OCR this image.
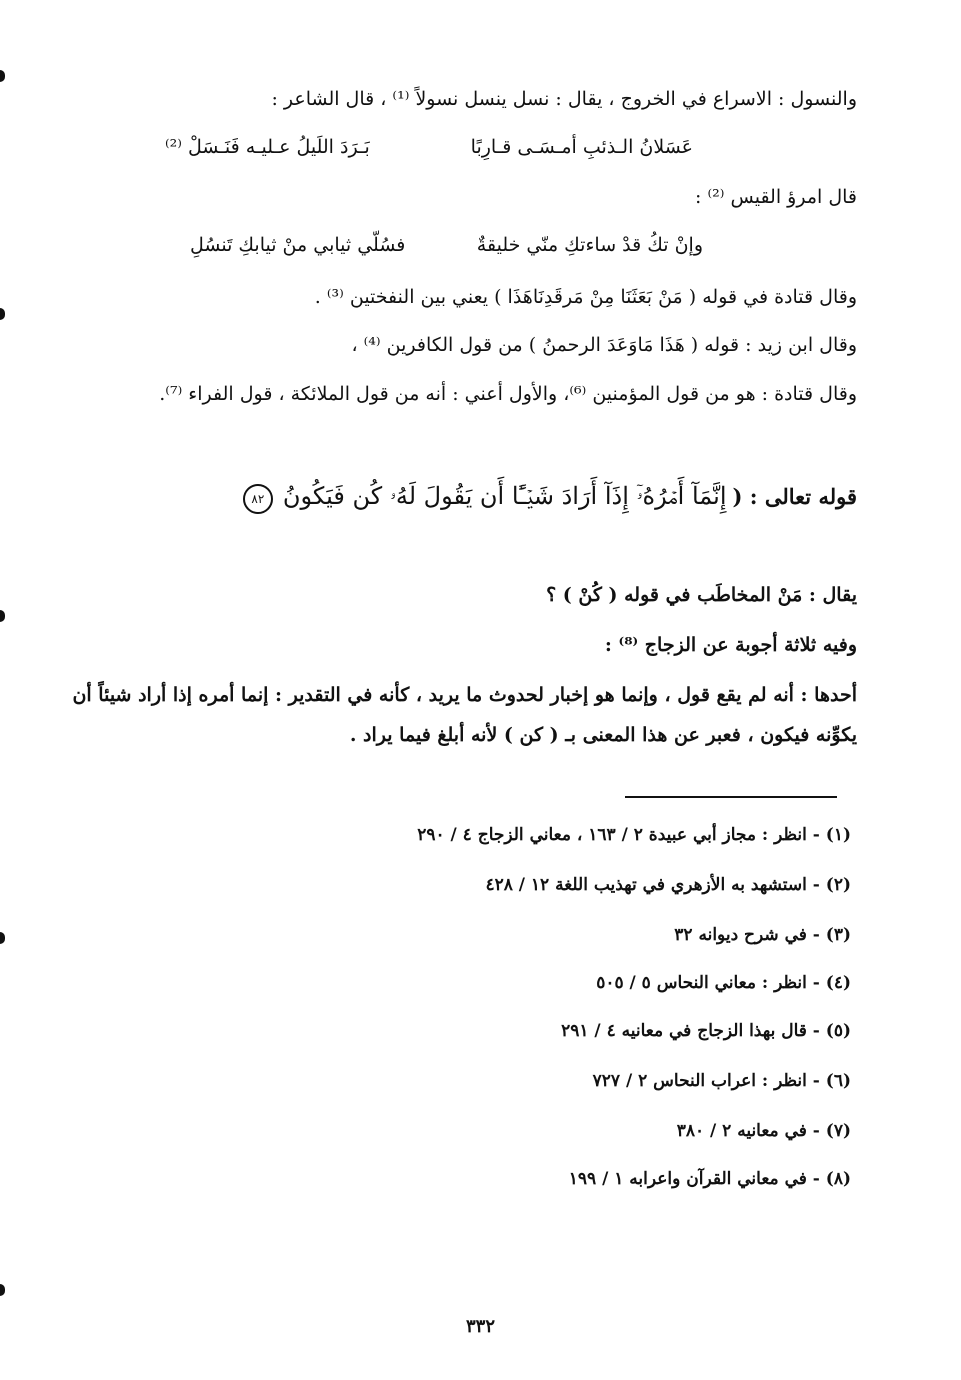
والنسول : الاسراع في الخروج ، يقال : نسل ينسل نسولاً ⁽¹⁾ ، قال الشاعر :
عَسَلانُ الـذئبِ أمـسَـى قـارِبًا
بَـرَدَ اللَيلُ عـليـه فَنَـسَلْ ⁽²⁾
قال امرؤ القيس ⁽²⁾ :
وإنْ تكُ قدْ ساءتكِ منّي خليقةٌ
فسُلّي ثيابي منْ ثيابكِ تَنسُلِ
وقال قتادة في قوله ( مَنْ بَعَثَنَا مِنْ مَرقَدِنَاهَذَا ) يعني بين النفختين ⁽³⁾ .
وقال ابن زيد : قوله ( هَذَا مَاوَعَدَ الرحمنُ ) من قول الكافرين ⁽⁴⁾ ،
وقال قتادة : هو من قول المؤمنين ⁽⁶⁾، والأول أعني : أنه من قول الملائكة ، قول الفراء ⁽⁷⁾.
قوله تعالى : ( إِنَّمَآ أَمۡرُهُۥٓ إِذَآ أَرَادَ شَيۡـًٔا أَن يَقُولَ لَهُۥ كُن فَيَكُونُ ٨٢
يقال : مَنْ المخاطَب في قوله ( كُنْ ) ؟
وفيه ثلاثة أجوبة عن الزجاج ⁽⁸⁾ :
أحدها : أنه لم يقع قول ، وإنما هو إخبار لحدوث ما يريد ، كأنه في التقدير : إنما أمره إذا أراد شيئاً أن
يكوِّنه فيكون ، فعبر عن هذا المعنى بـ ( كن ) لأنه أبلغ فيما يراد .
(١) - انظر : مجاز أبي عبيدة ٢ / ١٦٣ ، معاني الزجاج ٤ / ٢٩٠
(٢) - استشهد به الأزهري في تهذيب اللغة ١٢ / ٤٢٨
(٣) - في شرح ديوانه ٣٢
(٤) - انظر : معاني النحاس ٥ / ٥٠٥
(٥) - قال بهذا الزجاج في معانيه ٤ / ٢٩١
(٦) - انظر : اعراب النحاس ٢ / ٧٢٧
(٧) - في معانيه ٢ / ٣٨٠
(٨) - في معاني القرآن واعرابه ١ / ١٩٩
٣٣٢
